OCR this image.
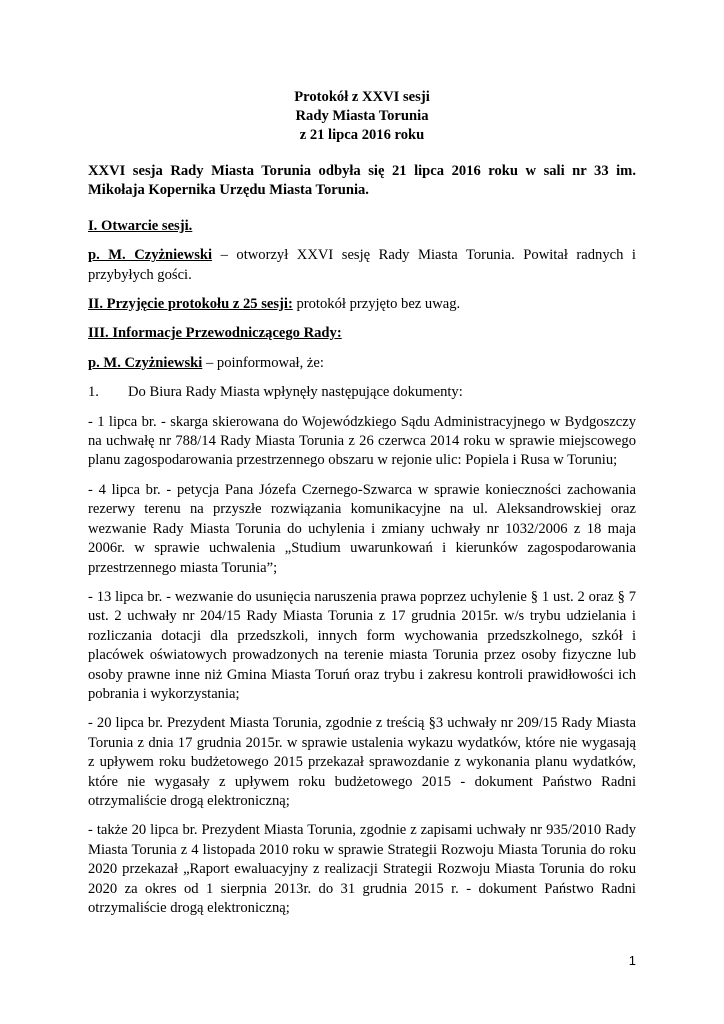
Protokół z XXVI sesji
Rady Miasta Torunia
z 21 lipca 2016 roku

XXVI sesja Rady Miasta Torunia odbyła się 21 lipca 2016 roku w sali nr 33 im. Mikołaja Kopernika Urzędu Miasta Torunia.

I. Otwarcie sesji.

p. M. Czyżniewski – otworzył XXVI sesję Rady Miasta Torunia. Powitał radnych i przybyłych gości.

II. Przyjęcie protokołu z 25 sesji: protokół przyjęto bez uwag.

III. Informacje Przewodniczącego Rady:

p. M. Czyżniewski – poinformował, że:

1. Do Biura Rady Miasta wpłynęły następujące dokumenty:

- 1 lipca br. - skarga skierowana do Wojewódzkiego Sądu Administracyjnego w Bydgoszczy na uchwałę nr 788/14 Rady Miasta Torunia z 26 czerwca 2014 roku w sprawie miejscowego planu zagospodarowania przestrzennego obszaru w rejonie ulic: Popiela i Rusa w Toruniu;

- 4 lipca br. - petycja Pana Józefa Czernego-Szwarca w sprawie konieczności zachowania rezerwy terenu na przyszłe rozwiązania komunikacyjne na ul. Aleksandrowskiej oraz wezwanie Rady Miasta Torunia do uchylenia i zmiany uchwały nr 1032/2006 z 18 maja 2006r. w sprawie uchwalenia „Studium uwarunkowań i kierunków zagospodarowania przestrzennego miasta Torunia”;

- 13 lipca br. - wezwanie do usunięcia naruszenia prawa poprzez uchylenie § 1 ust. 2 oraz § 7 ust. 2 uchwały nr 204/15 Rady Miasta Torunia z 17 grudnia 2015r. w/s trybu udzielania i rozliczania dotacji dla przedszkoli, innych form wychowania przedszkolnego, szkół i placówek oświatowych prowadzonych na terenie miasta Torunia przez osoby fizyczne lub osoby prawne inne niż Gmina Miasta Toruń oraz trybu i zakresu kontroli prawidłowości ich pobrania i wykorzystania;

- 20 lipca br. Prezydent Miasta Torunia, zgodnie z treścią §3 uchwały nr 209/15 Rady Miasta Torunia z dnia 17 grudnia 2015r. w sprawie ustalenia wykazu wydatków, które nie wygasają z upływem roku budżetowego 2015 przekazał sprawozdanie z wykonania planu wydatków, które nie wygasały z upływem roku budżetowego 2015 - dokument Państwo Radni otrzymaliście drogą elektroniczną;

- także 20 lipca br. Prezydent Miasta Torunia, zgodnie z zapisami uchwały nr 935/2010 Rady Miasta Torunia z 4 listopada 2010 roku w sprawie Strategii Rozwoju Miasta Torunia do roku 2020 przekazał „Raport ewaluacyjny z realizacji Strategii Rozwoju Miasta Torunia do roku 2020 za okres od 1 sierpnia 2013r. do 31 grudnia 2015 r. - dokument Państwo Radni otrzymaliście drogą elektroniczną;

1
